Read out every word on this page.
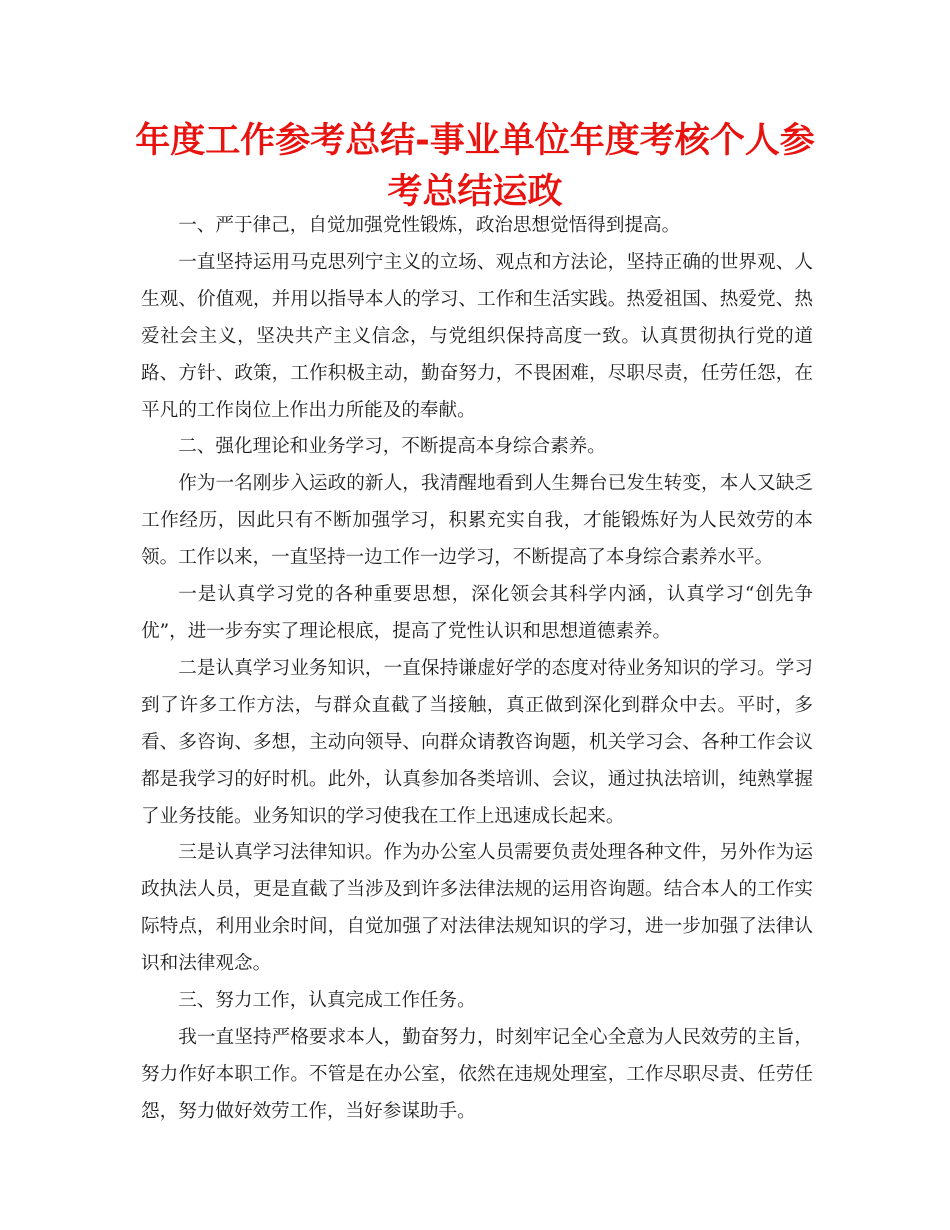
年度工作参考总结-事业单位年度考核个人参考总结运政

一、严于律己，自觉加强党性锻炼，政治思想觉悟得到提高。

一直坚持运用马克思列宁主义的立场、观点和方法论，坚持正确的世界观、人生观、价值观，并用以指导本人的学习、工作和生活实践。热爱祖国、热爱党、热爱社会主义，坚决共产主义信念，与党组织保持高度一致。认真贯彻执行党的道路、方针、政策，工作积极主动，勤奋努力，不畏困难，尽职尽责，任劳任怨，在平凡的工作岗位上作出力所能及的奉献。

二、强化理论和业务学习，不断提高本身综合素养。

作为一名刚步入运政的新人，我清醒地看到人生舞台已发生转变，本人又缺乏工作经历，因此只有不断加强学习，积累充实自我，才能锻炼好为人民效劳的本领。工作以来，一直坚持一边工作一边学习，不断提高了本身综合素养水平。

一是认真学习党的各种重要思想，深化领会其科学内涵，认真学习“创先争优”，进一步夯实了理论根底，提高了党性认识和思想道德素养。

二是认真学习业务知识，一直保持谦虚好学的态度对待业务知识的学习。学习到了许多工作方法，与群众直截了当接触，真正做到深化到群众中去。平时，多看、多咨询、多想，主动向领导、向群众请教咨询题，机关学习会、各种工作会议都是我学习的好时机。此外，认真参加各类培训、会议，通过执法培训，纯熟掌握了业务技能。业务知识的学习使我在工作上迅速成长起来。

三是认真学习法律知识。作为办公室人员需要负责处理各种文件，另外作为运政执法人员，更是直截了当涉及到许多法律法规的运用咨询题。结合本人的工作实际特点，利用业余时间，自觉加强了对法律法规知识的学习，进一步加强了法律认识和法律观念。

三、努力工作，认真完成工作任务。

我一直坚持严格要求本人，勤奋努力，时刻牢记全心全意为人民效劳的主旨，努力作好本职工作。不管是在办公室，依然在违规处理室，工作尽职尽责、任劳任怨，努力做好效劳工作，当好参谋助手。
